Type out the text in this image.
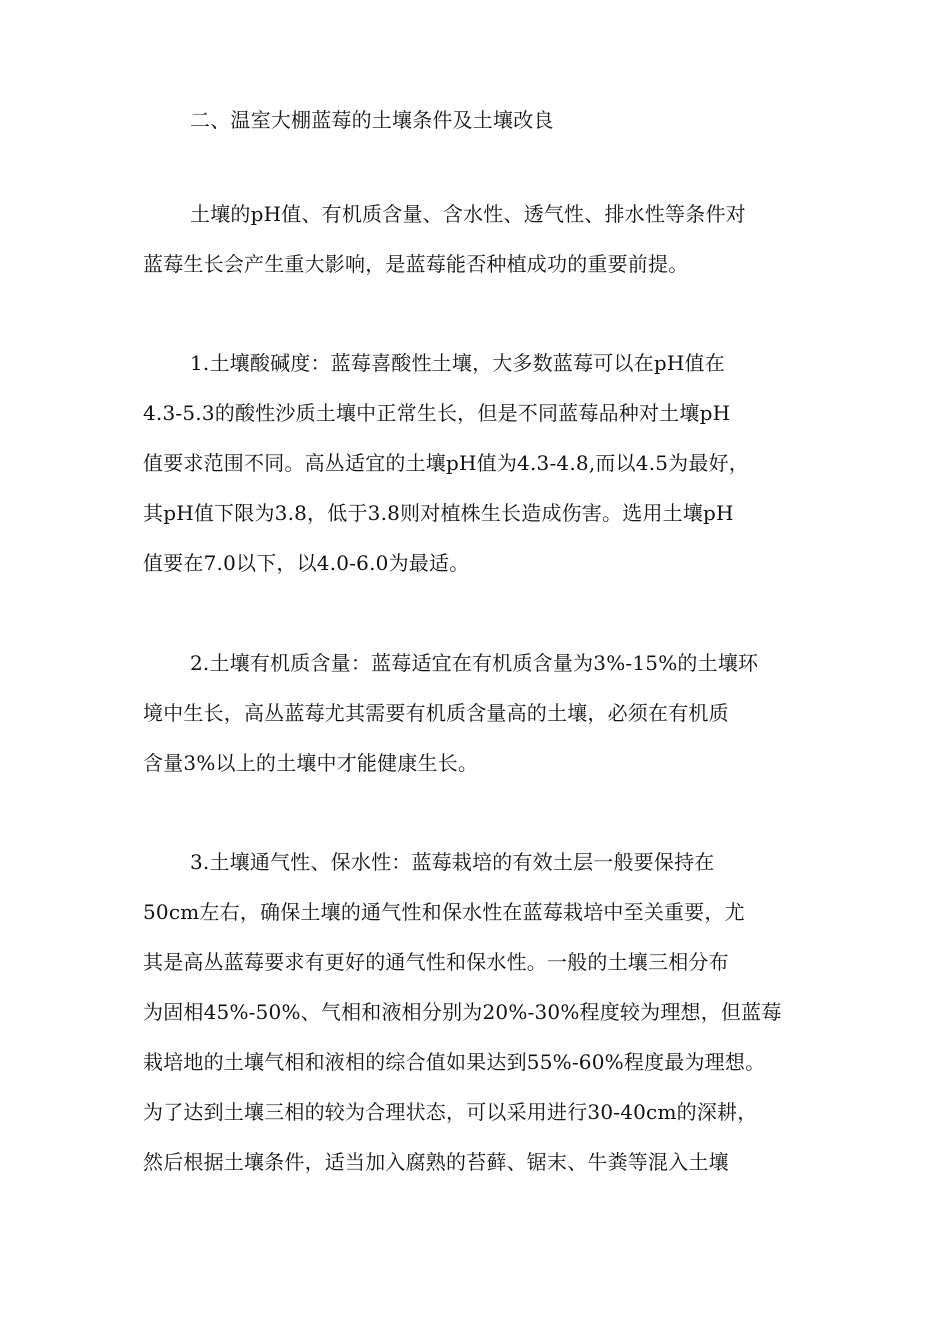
二、温室大棚蓝莓的土壤条件及土壤改良
土壤的pH值、有机质含量、含水性、透气性、排水性等条件对
蓝莓生长会产生重大影响，是蓝莓能否种植成功的重要前提。
1.土壤酸碱度：蓝莓喜酸性土壤，大多数蓝莓可以在pH值在
4.3-5.3的酸性沙质土壤中正常生长，但是不同蓝莓品种对土壤pH
值要求范围不同。高丛适宜的土壤pH值为4.3-4.8,而以4.5为最好，
其pH值下限为3.8，低于3.8则对植株生长造成伤害。选用土壤pH
值要在7.0以下，以4.0-6.0为最适。
2.土壤有机质含量：蓝莓适宜在有机质含量为3%-15%的土壤环
境中生长，高丛蓝莓尤其需要有机质含量高的土壤，必须在有机质
含量3%以上的土壤中才能健康生长。
3.土壤通气性、保水性：蓝莓栽培的有效土层一般要保持在
50cm左右，确保土壤的通气性和保水性在蓝莓栽培中至关重要，尤
其是高丛蓝莓要求有更好的通气性和保水性。一般的土壤三相分布
为固相45%-50%、气相和液相分别为20%-30%程度较为理想，但蓝莓
栽培地的土壤气相和液相的综合值如果达到55%-60%程度最为理想。
为了达到土壤三相的较为合理状态，可以采用进行30-40cm的深耕，
然后根据土壤条件，适当加入腐熟的苔藓、锯末、牛粪等混入土壤
